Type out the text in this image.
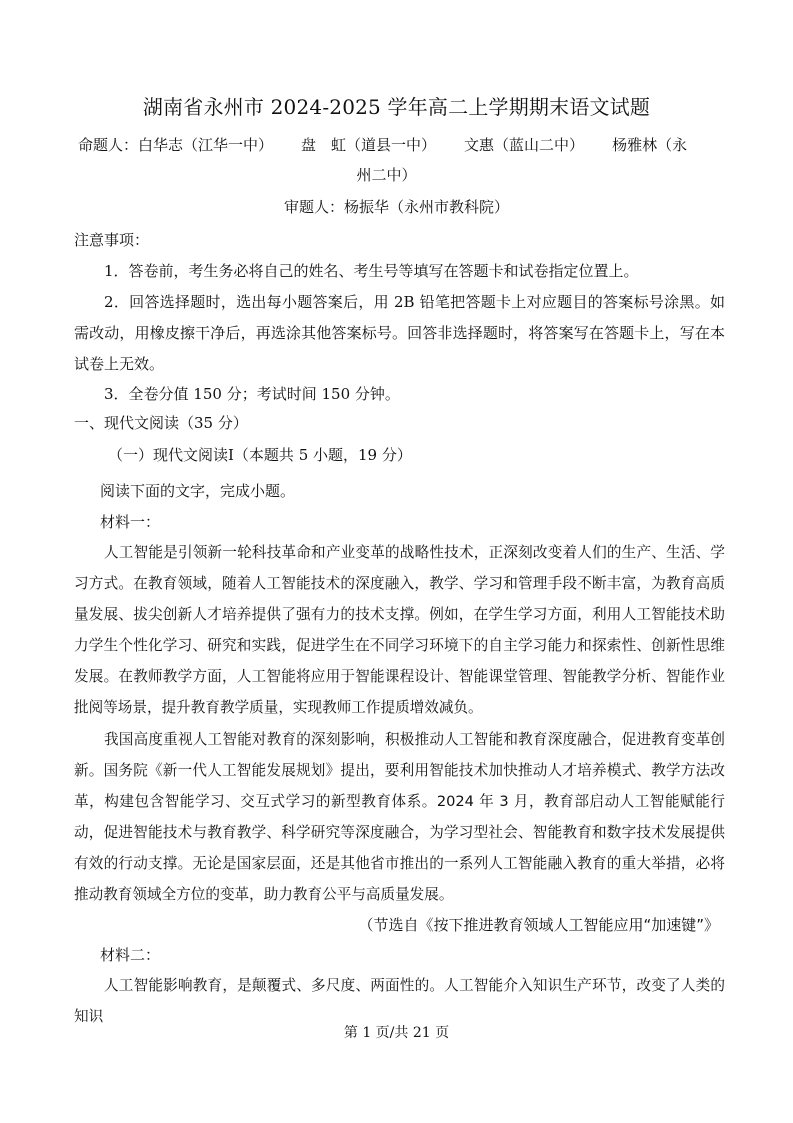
湖南省永州市 2024-2025 学年高二上学期期末语文试题
命题人：白华志（江华一中） 盘　虹（道县一中） 文惠（蓝山二中） 杨雅林（永
州二中）
审题人：杨振华（永州市教科院）
注意事项：
1．答卷前，考生务必将自己的姓名、考生号等填写在答题卡和试卷指定位置上。
2．回答选择题时，选出每小题答案后，用 2B 铅笔把答题卡上对应题目的答案标号涂黑。如需改动，用橡皮擦干净后，再选涂其他答案标号。回答非选择题时，将答案写在答题卡上，写在本试卷上无效。
3．全卷分值 150 分；考试时间 150 分钟。
一、现代文阅读（35 分）
（一）现代文阅读Ⅰ（本题共 5 小题，19 分）
阅读下面的文字，完成小题。
材料一：
人工智能是引领新一轮科技革命和产业变革的战略性技术，正深刻改变着人们的生产、生活、学习方式。在教育领域，随着人工智能技术的深度融入，教学、学习和管理手段不断丰富，为教育高质量发展、拔尖创新人才培养提供了强有力的技术支撑。例如，在学生学习方面，利用人工智能技术助力学生个性化学习、研究和实践，促进学生在不同学习环境下的自主学习能力和探索性、创新性思维发展。在教师教学方面，人工智能将应用于智能课程设计、智能课堂管理、智能教学分析、智能作业批阅等场景，提升教育教学质量，实现教师工作提质增效减负。
我国高度重视人工智能对教育的深刻影响，积极推动人工智能和教育深度融合，促进教育变革创新。国务院《新一代人工智能发展规划》提出，要利用智能技术加快推动人才培养模式、教学方法改革，构建包含智能学习、交互式学习的新型教育体系。2024 年 3 月，教育部启动人工智能赋能行动，促进智能技术与教育教学、科学研究等深度融合，为学习型社会、智能教育和数字技术发展提供有效的行动支撑。无论是国家层面，还是其他省市推出的一系列人工智能融入教育的重大举措，必将推动教育领域全方位的变革，助力教育公平与高质量发展。
（节选自《按下推进教育领域人工智能应用“加速键”》
材料二：
人工智能影响教育，是颠覆式、多尺度、两面性的。人工智能介入知识生产环节，改变了人类的知识
第 1 页/共 21 页
